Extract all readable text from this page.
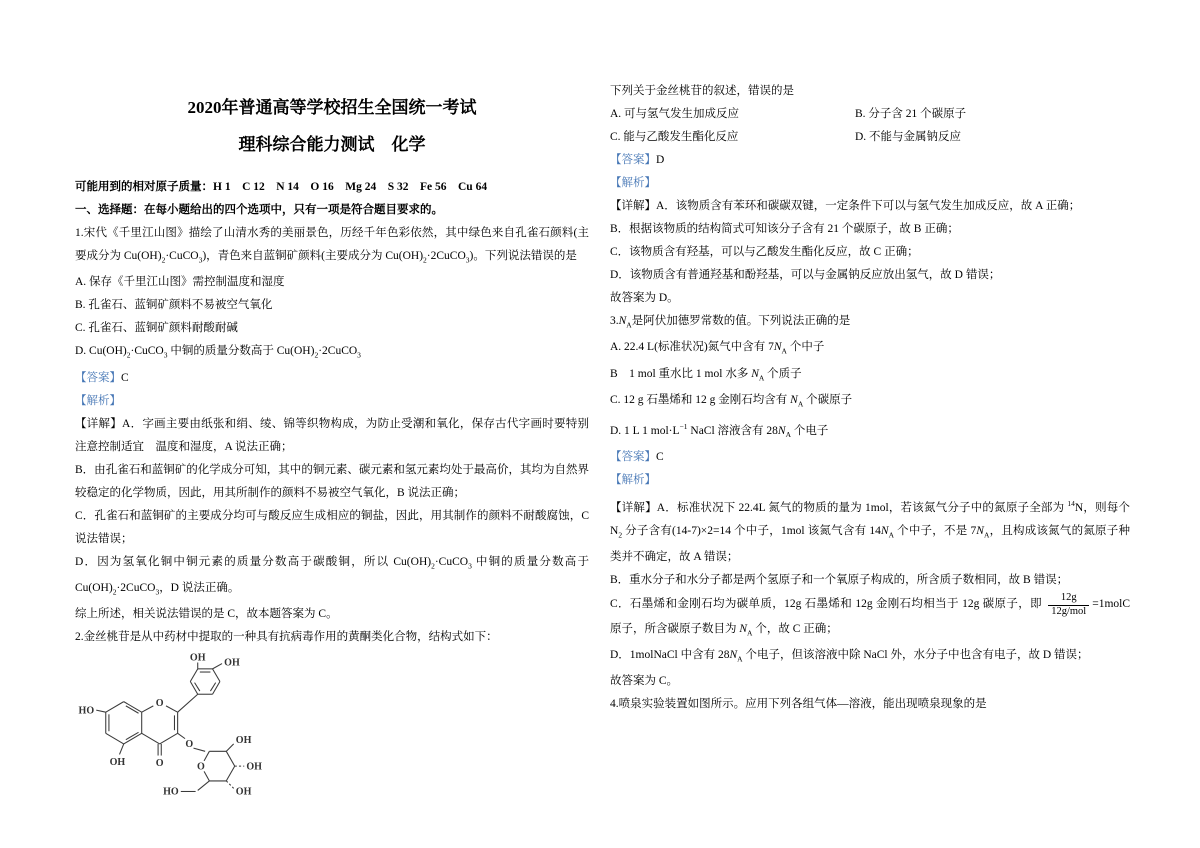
2020年普通高等学校招生全国统一考试

理科综合能力测试　化学

可能用到的相对原子质量：H 1　C 12　N 14　O 16　Mg 24　S 32　Fe 56　Cu 64

一、选择题：在每小题给出的四个选项中，只有一项是符合题目要求的。

1.宋代《千里江山图》描绘了山清水秀的美丽景色，历经千年色彩依然，其中绿色来自孔雀石颜料(主要成分为 $Cu(OH)_2\cdot CuCO_3$)，青色来自蓝铜矿颜料(主要成分为 $Cu(OH)_2\cdot 2CuCO_3$)。下列说法错误的是

A. 保存《千里江山图》需控制温度和湿度

B. 孔雀石、蓝铜矿颜料不易被空气氧化

C. 孔雀石、蓝铜矿颜料耐酸耐碱

D. $Cu(OH)_2\cdot CuCO_3$ 中铜的质量分数高于 $Cu(OH)_2\cdot 2CuCO_3$

【答案】C

【解析】

【详解】A．字画主要由纸张和绢、绫、锦等织物构成，为防止受潮和氧化，保存古代字画时要特别注意控制适宜　温度和湿度，A 说法正确；

B．由孔雀石和蓝铜矿的化学成分可知，其中的铜元素、碳元素和氢元素均处于最高价，其均为自然界较稳定的化学物质，因此，用其所制作的颜料不易被空气氧化，B 说法正确；

C．孔雀石和蓝铜矿的主要成分均可与酸反应生成相应的铜盐，因此，用其制作的颜料不耐酸腐蚀，C 说法错误；

D．因为氢氧化铜中铜元素的质量分数高于碳酸铜，所以 $Cu(OH)_2\cdot CuCO_3$ 中铜的质量分数高于 $Cu(OH)_2\cdot 2CuCO_3$，D 说法正确。

综上所述，相关说法错误的是 C，故本题答案为 C。

2.金丝桃苷是从中药材中提取的一种具有抗病毒作用的黄酮类化合物，结构式如下：

OH OH
HO
OH
O
O
O
O
OH
OH
OH
HO

下列关于金丝桃苷的叙述，错误的是

A. 可与氢气发生加成反应	B. 分子含 21 个碳原子

C. 能与乙酸发生酯化反应	D. 不能与金属钠反应

【答案】D

【解析】

【详解】A．该物质含有苯环和碳碳双键，一定条件下可以与氢气发生加成反应，故 A 正确；

B．根据该物质的结构简式可知该分子含有 21 个碳原子，故 B 正确；

C．该物质含有羟基，可以与乙酸发生酯化反应，故 C 正确；

D．该物质含有普通羟基和酚羟基，可以与金属钠反应放出氢气，故 D 错误；

故答案为 D。

$3.N_A$是阿伏加德罗常数的值。下列说法正确的是

A. 22.4 L(标准状况)氮气中含有 $7N_A$ 个中子

B　1 mol 重水比 1 mol 水多 $N_A$ 个质子

C. 12 g 石墨烯和 12 g 金刚石均含有 $N_A$ 个碳原子

D. 1 L 1 $mol\cdot L^{-1}$ NaCl 溶液含有 $28N_A$ 个电子

【答案】C

【解析】

【详解】A．标准状况下 22.4L 氮气的物质的量为 1mol，若该氮气分子中的氮原子全部为 $^{14}$N，则每个 $N_2$ 分子含有(14-7)×2=14 个中子，1mol 该氮气含有 $14N_A$ 个中子，不是 $7N_A$，且构成该氮气的氮原子种类并不确定，故 A 错误；

B．重水分子和水分子都是两个氢原子和一个氧原子构成的，所含质子数相同，故 B 错误；

C．石墨烯和金刚石均为碳单质，12g 石墨烯和 12g 金刚石均相当于 12g 碳原子，即 $\frac{12g}{\text{12g/mol}}$ =1molC 原子，所含碳原子数目为 $N_A$ 个，故 C 正确；

D．1molNaCl 中含有 $28N_A$ 个电子，但该溶液中除 NaCl 外，水分子中也含有电子，故 D 错误；

故答案为 C。

4.喷泉实验装置如图所示。应用下列各组气体—溶液，能出现喷泉现象的是
